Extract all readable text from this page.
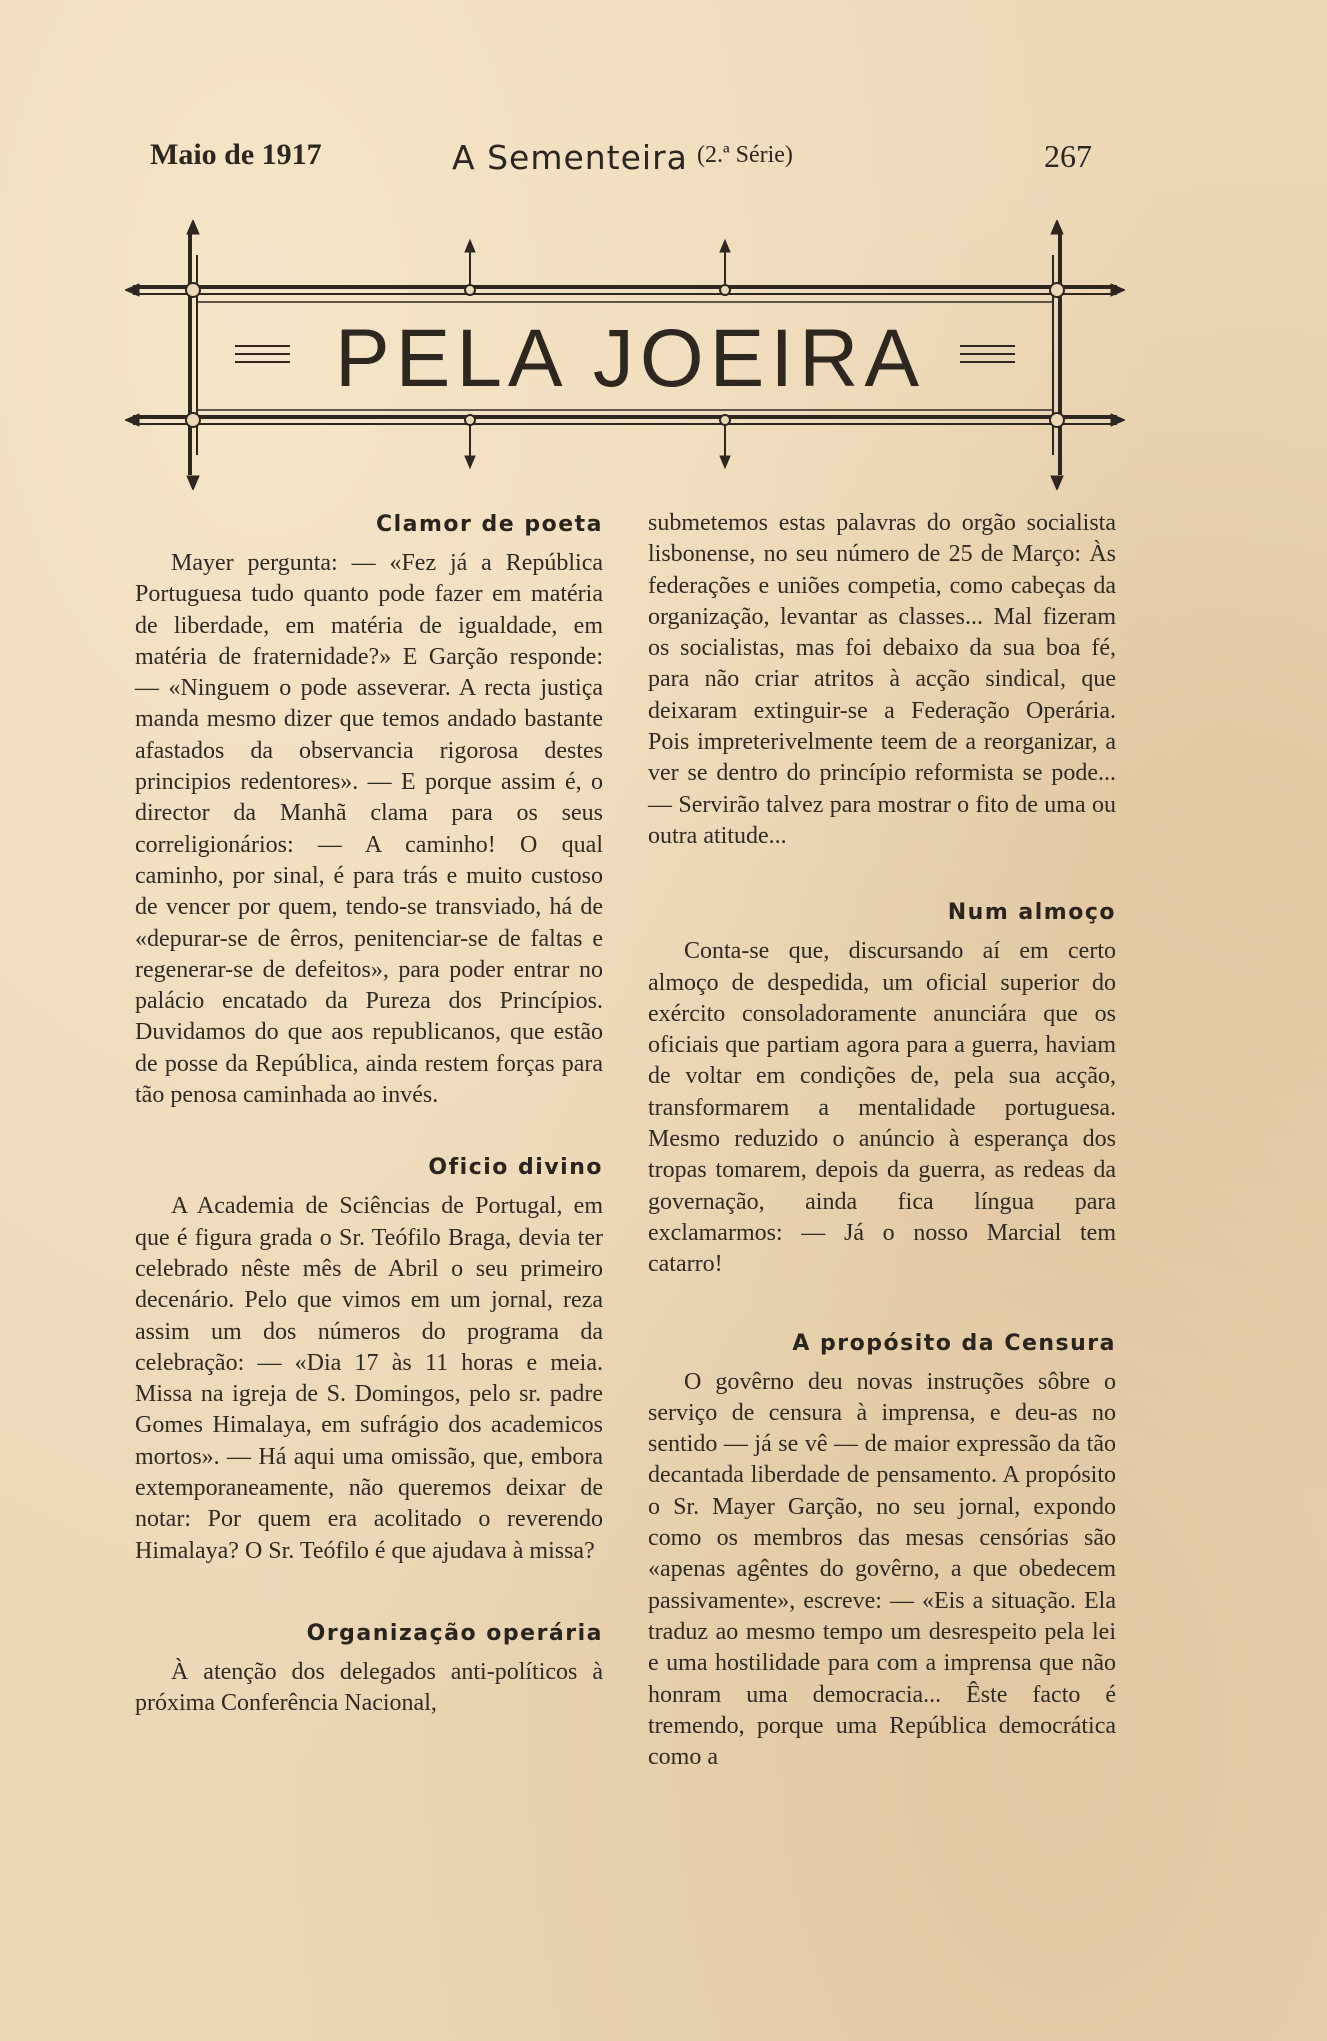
Maio de 1917	A Sementeira (2.ª Série)	267
PELA JOEIRA
Clamor de poeta

Mayer pergunta: — «Fez já a República Portuguesa tudo quanto pode fazer em matéria de liberdade, em matéria de igualdade, em matéria de fraternidade?» E Garção responde: — «Ninguem o pode asseverar. A recta justiça manda mesmo dizer que temos andado bastante afastados da observancia rigorosa destes principios redentores». — E porque assim é, o director da Manhã clama para os seus correligionários: — A caminho! O qual caminho, por sinal, é para trás e muito custoso de vencer por quem, tendo-se transviado, há de «depurar-se de êrros, penitenciar-se de faltas e regenerar-se de defeitos», para poder entrar no palácio encatado da Pureza dos Princípios. Duvidamos do que aos republicanos, que estão de posse da República, ainda restem forças para tão penosa caminhada ao invés.

Oficio divino

A Academia de Sciências de Portugal, em que é figura grada o Sr. Teófilo Braga, devia ter celebrado nêste mês de Abril o seu primeiro decenário. Pelo que vimos em um jornal, reza assim um dos números do programa da celebração: — «Dia 17 às 11 horas e meia. Missa na igreja de S. Domingos, pelo sr. padre Gomes Himalaya, em sufrágio dos academicos mortos». — Há aqui uma omissão, que, embora extemporaneamente, não queremos deixar de notar: Por quem era acolitado o reverendo Himalaya? O Sr. Teófilo é que ajudava à missa?

Organização operária

À atenção dos delegados anti-políticos à próxima Conferência Nacional,

submetemos estas palavras do orgão socialista lisbonense, no seu número de 25 de Março: Às federações e uniões competia, como cabeças da organização, levantar as classes... Mal fizeram os socialistas, mas foi debaixo da sua boa fé, para não criar atritos à acção sindical, que deixaram extinguir-se a Federação Operária. Pois impreterivelmente teem de a reorganizar, a ver se dentro do princípio reformista se pode... — Servirão talvez para mostrar o fito de uma ou outra atitude...

Num almoço

Conta-se que, discursando aí em certo almoço de despedida, um oficial superior do exército consoladoramente anunciára que os oficiais que partiam agora para a guerra, haviam de voltar em condições de, pela sua acção, transformarem a mentalidade portuguesa. Mesmo reduzido o anúncio à esperança dos tropas tomarem, depois da guerra, as redeas da governação, ainda fica língua para exclamarmos: — Já o nosso Marcial tem catarro!

A propósito da Censura

O govêrno deu novas instruções sôbre o serviço de censura à imprensa, e deu-as no sentido — já se vê — de maior expressão da tão decantada liberdade de pensamento. A propósito o Sr. Mayer Garção, no seu jornal, expondo como os membros das mesas censórias são «apenas agêntes do govêrno, a que obedecem passivamente», escreve: — «Eis a situação. Ela traduz ao mesmo tempo um desrespeito pela lei e uma hostilidade para com a imprensa que não honram uma democracia... Êste facto é tremendo, porque uma República democrática como a
